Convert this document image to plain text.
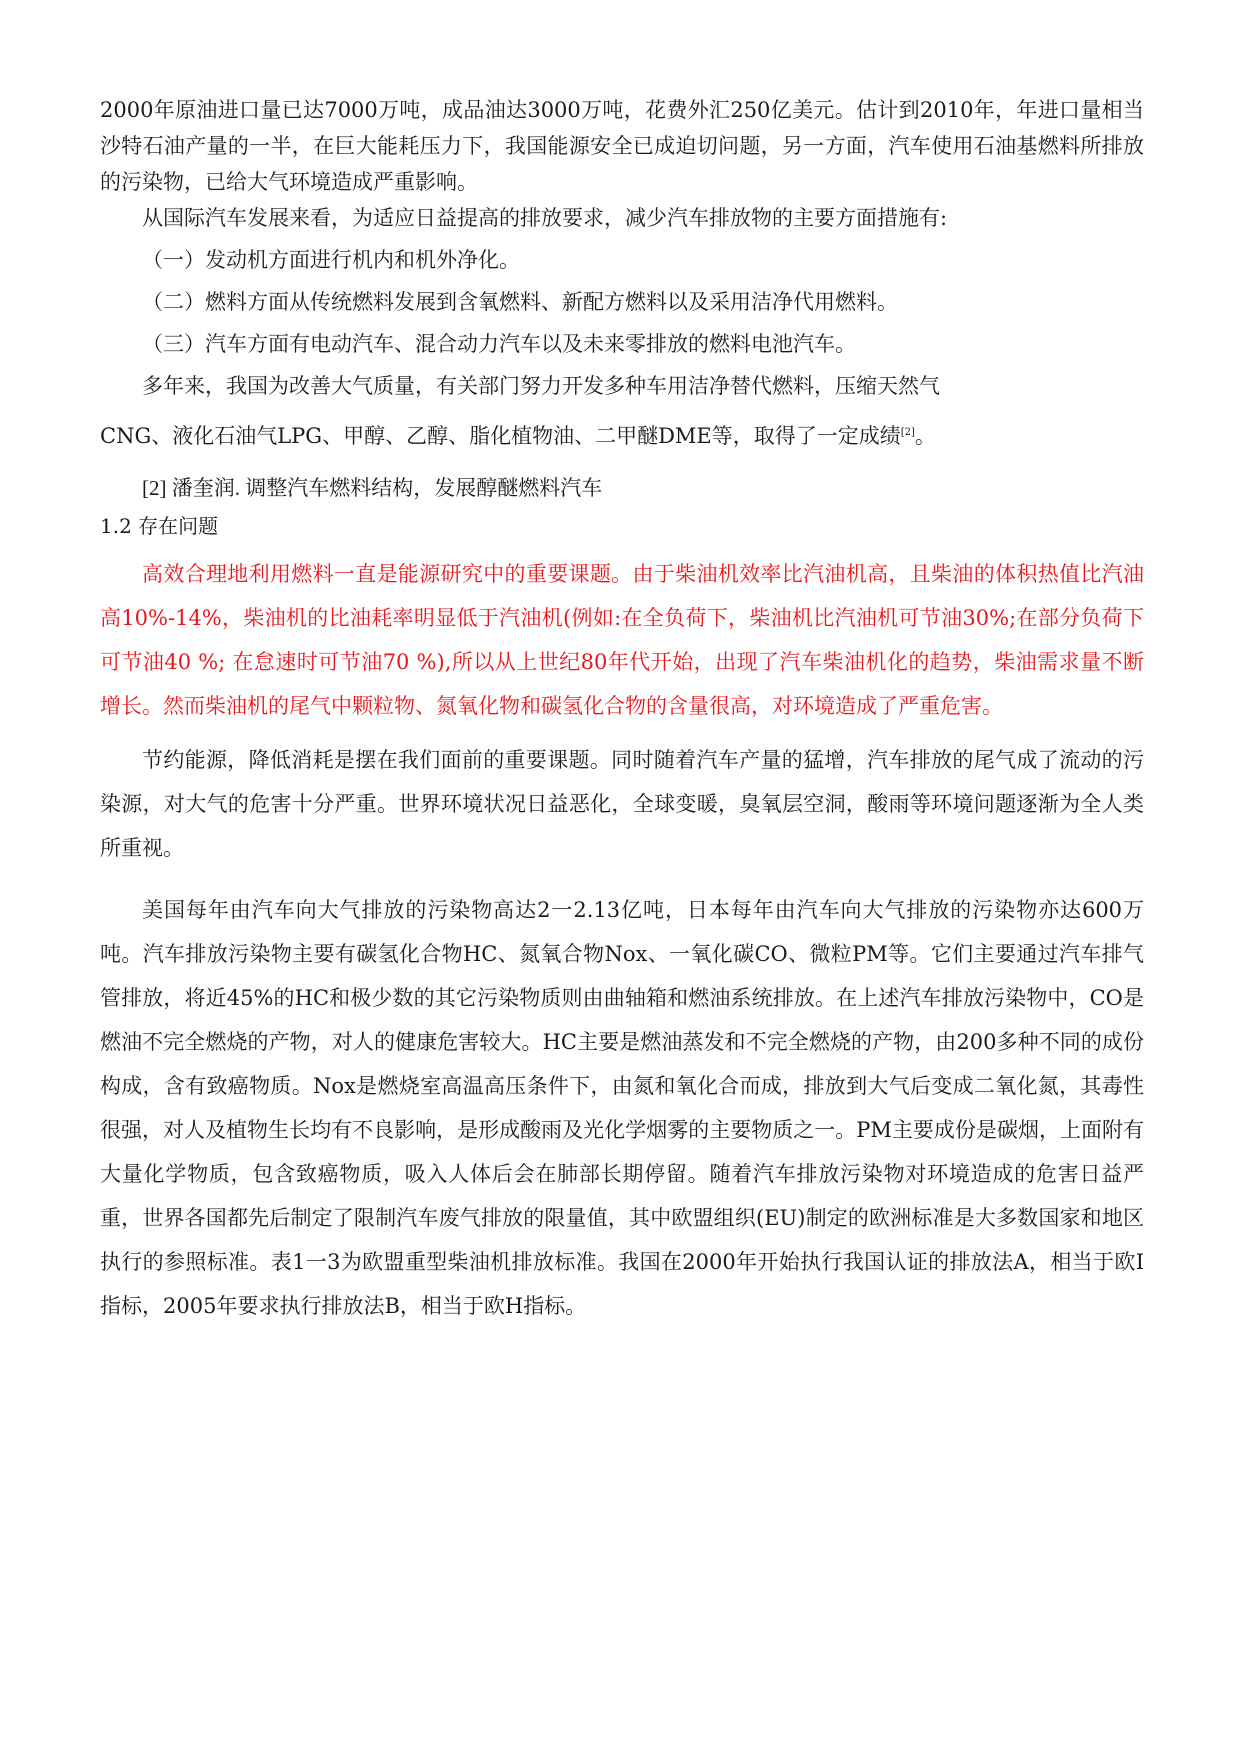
2000年原油进口量已达7000万吨，成品油达3000万吨，花费外汇250亿美元。估计到2010年，年进口量相当沙特石油产量的一半，在巨大能耗压力下，我国能源安全已成迫切问题，另一方面，汽车使用石油基燃料所排放的污染物，已给大气环境造成严重影响。

从国际汽车发展来看，为适应日益提高的排放要求，减少汽车排放物的主要方面措施有:

（一）发动机方面进行机内和机外净化。

（二）燃料方面从传统燃料发展到含氧燃料、新配方燃料以及采用洁净代用燃料。

（三）汽车方面有电动汽车、混合动力汽车以及未来零排放的燃料电池汽车。

多年来，我国为改善大气质量，有关部门努力开发多种车用洁净替代燃料，压缩天然气

CNG、液化石油气LPG、甲醇、乙醇、脂化植物油、二甲醚DME等，取得了一定成绩[2]。

[2] 潘奎润. 调整汽车燃料结构，发展醇醚燃料汽车

1.2 存在问题

高效合理地利用燃料一直是能源研究中的重要课题。由于柴油机效率比汽油机高，且柴油的体积热值比汽油高10%-14%，柴油机的比油耗率明显低于汽油机(例如:在全负荷下，柴油机比汽油机可节油30%;在部分负荷下可节油40 %; 在怠速时可节油70 %),所以从上世纪80年代开始，出现了汽车柴油机化的趋势，柴油需求量不断增长。然而柴油机的尾气中颗粒物、氮氧化物和碳氢化合物的含量很高，对环境造成了严重危害。

节约能源，降低消耗是摆在我们面前的重要课题。同时随着汽车产量的猛增，汽车排放的尾气成了流动的污染源，对大气的危害十分严重。世界环境状况日益恶化，全球变暖，臭氧层空洞，酸雨等环境问题逐渐为全人类所重视。

美国每年由汽车向大气排放的污染物高达2一2.13亿吨，日本每年由汽车向大气排放的污染物亦达600万吨。汽车排放污染物主要有碳氢化合物HC、氮氧合物Nox、一氧化碳CO、微粒PM等。它们主要通过汽车排气管排放，将近45%的HC和极少数的其它污染物质则由曲轴箱和燃油系统排放。在上述汽车排放污染物中，CO是燃油不完全燃烧的产物，对人的健康危害较大。HC主要是燃油蒸发和不完全燃烧的产物，由200多种不同的成份构成，含有致癌物质。Nox是燃烧室高温高压条件下，由氮和氧化合而成，排放到大气后变成二氧化氮，其毒性很强，对人及植物生长均有不良影响，是形成酸雨及光化学烟雾的主要物质之一。PM主要成份是碳烟，上面附有大量化学物质，包含致癌物质，吸入人体后会在肺部长期停留。随着汽车排放污染物对环境造成的危害日益严重，世界各国都先后制定了限制汽车废气排放的限量值，其中欧盟组织(EU)制定的欧洲标准是大多数国家和地区执行的参照标准。表1一3为欧盟重型柴油机排放标准。我国在2000年开始执行我国认证的排放法A，相当于欧I指标，2005年要求执行排放法B，相当于欧H指标。
